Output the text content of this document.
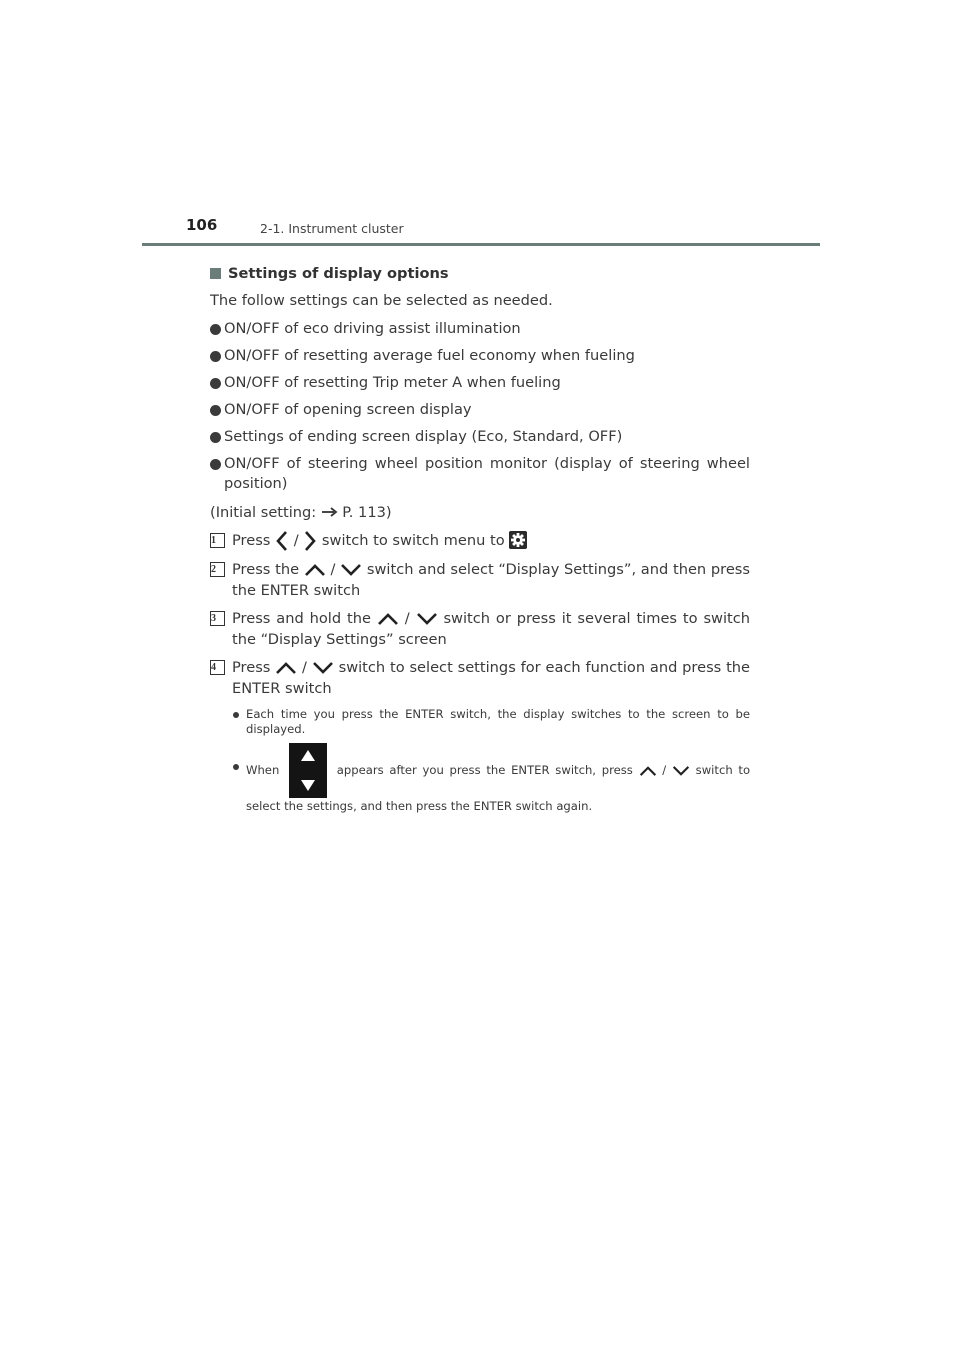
106	2-1. Instrument cluster
Settings of display options
The follow settings can be selected as needed.
ON/OFF of eco driving assist illumination
ON/OFF of resetting average fuel economy when fueling
ON/OFF of resetting Trip meter A when fueling
ON/OFF of opening screen display
Settings of ending screen display (Eco, Standard, OFF)
ON/OFF of steering wheel position monitor (display of steering wheel position)
(Initial setting: P. 113)
1	Press / switch to switch menu to
2	Press the / switch and select “Display Settings”, and then press the ENTER switch
3	Press and hold the / switch or press it several times to switch the “Display Settings” screen
4	Press / switch to select settings for each function and press the ENTER switch
Each time you press the ENTER switch, the display switches to the screen to be displayed.
When	appears after you press the ENTER switch, press	/	switch to select the settings, and then press the ENTER switch again.
